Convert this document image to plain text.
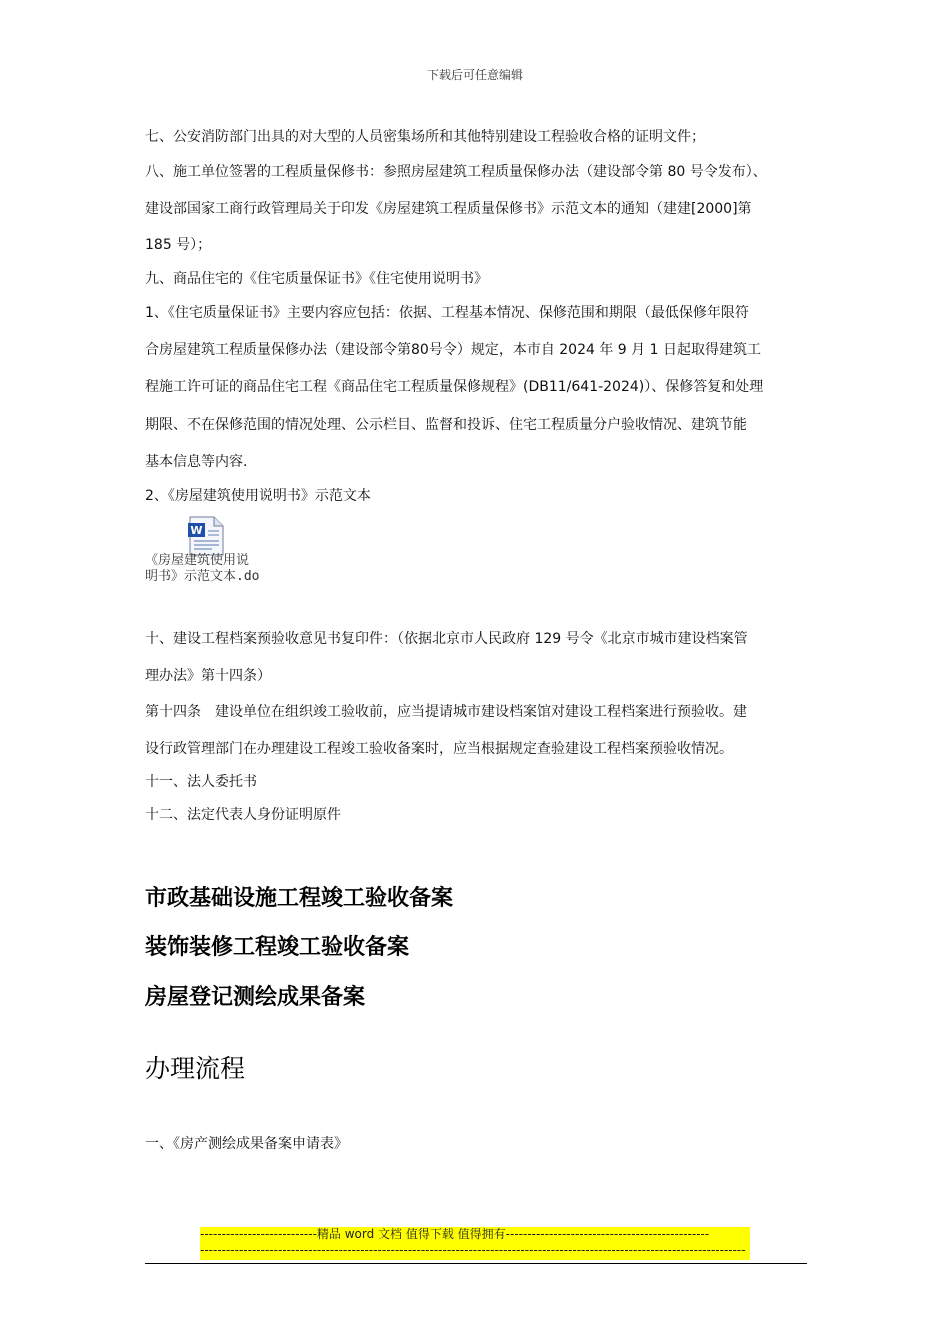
下载后可任意编辑
七、公安消防部门出具的对大型的人员密集场所和其他特别建设工程验收合格的证明文件；
八、施工单位签署的工程质量保修书：参照房屋建筑工程质量保修办法（建设部令第 80 号令发布）、
建设部国家工商行政管理局关于印发《房屋建筑工程质量保修书》示范文本的通知（建建[2000]第
185 号）；
九、商品住宅的《住宅质量保证书》《住宅使用说明书》
1、《住宅质量保证书》主要内容应包括：依据、工程基本情况、保修范围和期限（最低保修年限符
合房屋建筑工程质量保修办法（建设部令第80号令）规定，本市自 2024 年 9 月 1 日起取得建筑工
程施工许可证的商品住宅工程《商品住宅工程质量保修规程》(DB11/641-2024)）、保修答复和处理
期限、不在保修范围的情况处理、公示栏目、监督和投诉、住宅工程质量分户验收情况、建筑节能
基本信息等内容.
2、《房屋建筑使用说明书》示范文本
W
《房屋建筑使用说
明书》示范文本.do
十、建设工程档案预验收意见书复印件：（依据北京市人民政府 129 号令《北京市城市建设档案管
理办法》第十四条）
第十四条　建设单位在组织竣工验收前，应当提请城市建设档案馆对建设工程档案进行预验收。建
设行政管理部门在办理建设工程竣工验收备案时，应当根据规定查验建设工程档案预验收情况。
十一、法人委托书
十二、法定代表人身份证明原件
市政基础设施工程竣工验收备案
装饰装修工程竣工验收备案
房屋登记测绘成果备案
办理流程
一、《房产测绘成果备案申请表》
---------------------------精品 word 文档 值得下载 值得拥有-----------------------------------------------
------------------------------------------------------------------------------------------------------------------------------
